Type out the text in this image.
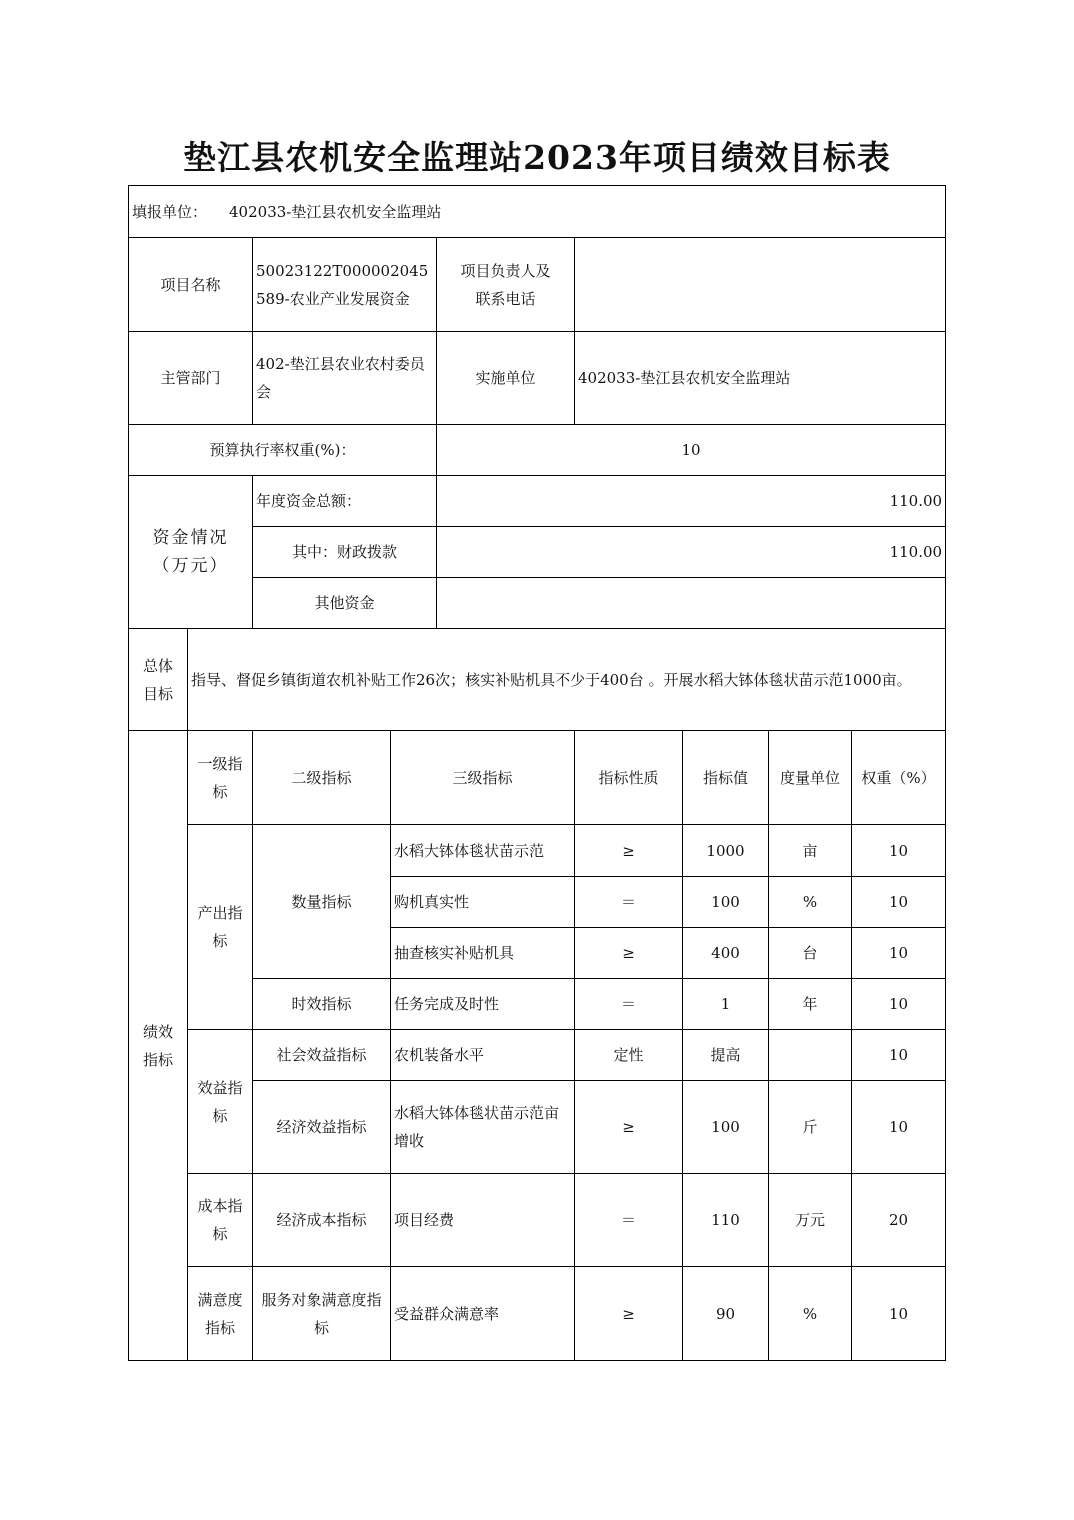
垫江县农机安全监理站2023年项目绩效目标表
填报单位： 402033-垫江县农机安全监理站								
项目名称		50023122T000002045589-农业产业发展资金		项目负责人及联系电话				
主管部门		402-垫江县农业农村委员会		实施单位	402033-垫江县农机安全监理站			
预算执行率权重(%)：				10				
资金情况（万元）		年度资金总额：		110.00				
		其中：财政拨款		110.00				
		其他资金						
总体目标	指导、督促乡镇街道农机补贴工作26次；核实补贴机具不少于400台 。开展水稻大钵体毯状苗示范1000亩。							
绩效指标	一级指标	二级指标	三级指标		指标性质	指标值	度量单位	权重（%）
	产出指标	数量指标	水稻大钵体毯状苗示范		≥	1000	亩	10
			购机真实性		＝	100	%	10
			抽查核实补贴机具		≥	400	台	10
		时效指标	任务完成及时性		＝	1	年	10
	效益指标	社会效益指标	农机装备水平		定性	提高		10
		经济效益指标	水稻大钵体毯状苗示范亩增收		≥	100	斤	10
	成本指标	经济成本指标	项目经费		＝	110	万元	20
	满意度指标	服务对象满意度指标	受益群众满意率		≥	90	%	10
